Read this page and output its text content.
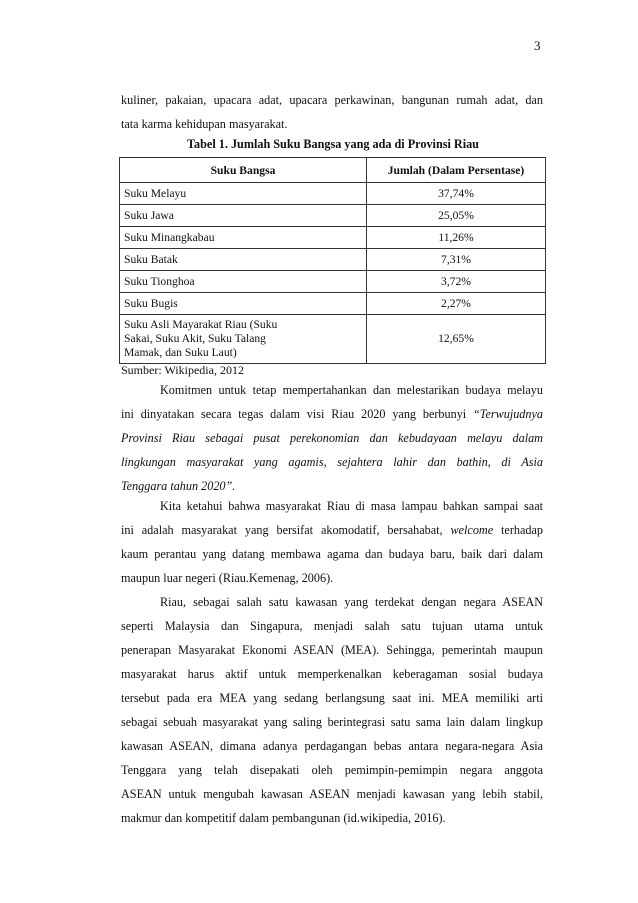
3
kuliner, pakaian, upacara adat, upacara perkawinan, bangunan rumah adat, dan
tata karma kehidupan masyarakat.
Tabel 1. Jumlah Suku Bangsa yang ada di Provinsi Riau
Suku Bangsa	Jumlah (Dalam Persentase)
Suku Melayu	37,74%
Suku Jawa	25,05%
Suku Minangkabau	11,26%
Suku Batak	7,31%
Suku Tionghoa	3,72%
Suku Bugis	2,27%

Suku Asli Mayarakat Riau (Suku
Sakai, Suku Akit, Suku Talang
Mamak, dan Suku Laut)	12,65%
Sumber: Wikipedia, 2012
Komitmen untuk tetap mempertahankan dan melestarikan budaya melayu
ini dinyatakan secara tegas dalam visi Riau 2020 yang berbunyi “Terwujudnya
Provinsi Riau sebagai pusat perekonomian dan kebudayaan melayu dalam
lingkungan masyarakat yang agamis, sejahtera lahir dan bathin, di Asia
Tenggara tahun 2020”.
Kita ketahui bahwa masyarakat Riau di masa lampau bahkan sampai saat
ini adalah masyarakat yang bersifat akomodatif, bersahabat, welcome terhadap
kaum perantau yang datang membawa agama dan budaya baru, baik dari dalam
maupun luar negeri (Riau.Kemenag, 2006).
Riau, sebagai salah satu kawasan yang terdekat dengan negara ASEAN
seperti Malaysia dan Singapura, menjadi salah satu tujuan utama untuk
penerapan Masyarakat Ekonomi ASEAN (MEA). Sehingga, pemerintah maupun
masyarakat harus aktif untuk memperkenalkan keberagaman sosial budaya
tersebut pada era MEA yang sedang berlangsung saat ini. MEA memiliki arti
sebagai sebuah masyarakat yang saling berintegrasi satu sama lain dalam lingkup
kawasan ASEAN, dimana adanya perdagangan bebas antara negara-negara Asia
Tenggara yang telah disepakati oleh pemimpin-pemimpin negara anggota
ASEAN untuk mengubah kawasan ASEAN menjadi kawasan yang lebih stabil,
makmur dan kompetitif dalam pembangunan (id.wikipedia, 2016).
